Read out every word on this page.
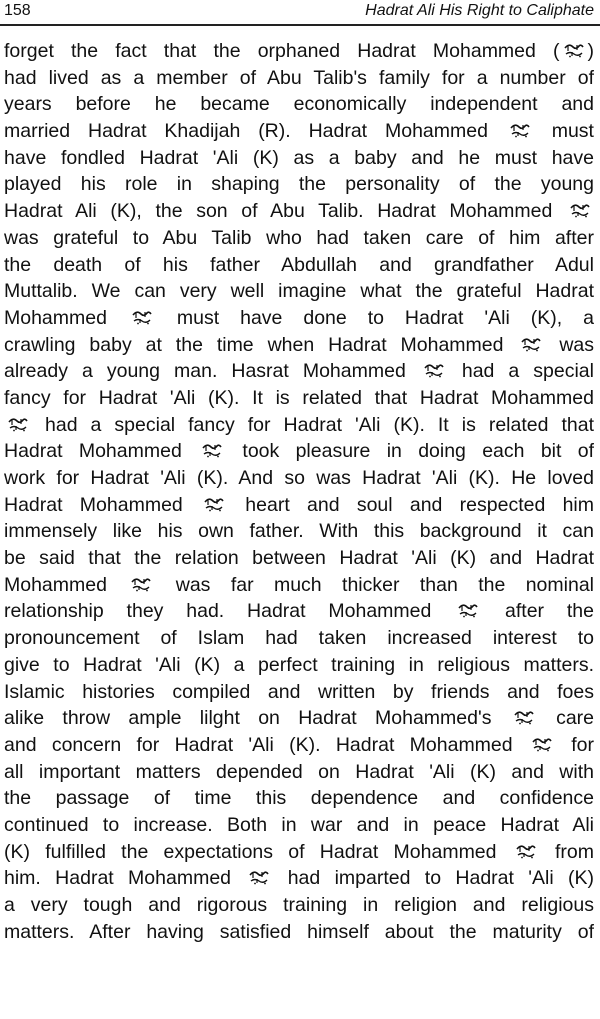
158	Hadrat Ali His Right to Caliphate
forget the fact that the orphaned Hadrat Mohammed ( )
had lived as a member of Abu Talib's family for a number of
years before he became economically independent and
married Hadrat Khadijah (R). Hadrat Mohammed
must
have fondled Hadrat 'Ali (K) as a baby and he must have
played his role in shaping the personality of the young
Hadrat Ali (K), the son of Abu Talib. Hadrat Mohammed
was grateful to Abu Talib who had taken care of him after
the death of his father Abdullah and grandfather Adul
Muttalib. We can very well imagine what the grateful Hadrat
Mohammed
must have done to Hadrat 'Ali (K), a
crawling baby at the time when Hadrat Mohammed
was
already a young man. Hasrat Mohammed
had a special
fancy for Hadrat 'Ali (K). It is related that Hadrat Mohammed
had a special fancy for Hadrat 'Ali (K). It is related that
Hadrat Mohammed
took pleasure in doing each bit of
work for Hadrat 'Ali (K). And so was Hadrat 'Ali (K). He loved
Hadrat Mohammed
heart and soul and respected him
immensely like his own father. With this background it can
be said that the relation between Hadrat 'Ali (K) and Hadrat
Mohammed
was far much thicker than the nominal
relationship they had. Hadrat Mohammed
after the
pronouncement of Islam had taken increased interest to
give to Hadrat 'Ali (K) a perfect training in religious matters.
Islamic histories compiled and written by friends and foes
alike throw ample lilght on Hadrat Mohammed's
care
and concern for Hadrat 'Ali (K). Hadrat Mohammed
for
all important matters depended on Hadrat 'Ali (K) and with
the passage of time this dependence and confidence
continued to increase. Both in war and in peace Hadrat Ali
(K) fulfilled the expectations of Hadrat Mohammed
from
him. Hadrat Mohammed
had imparted to Hadrat 'Ali (K)
a very tough and rigorous training in religion and religious
matters. After having satisfied himself about the maturity of
